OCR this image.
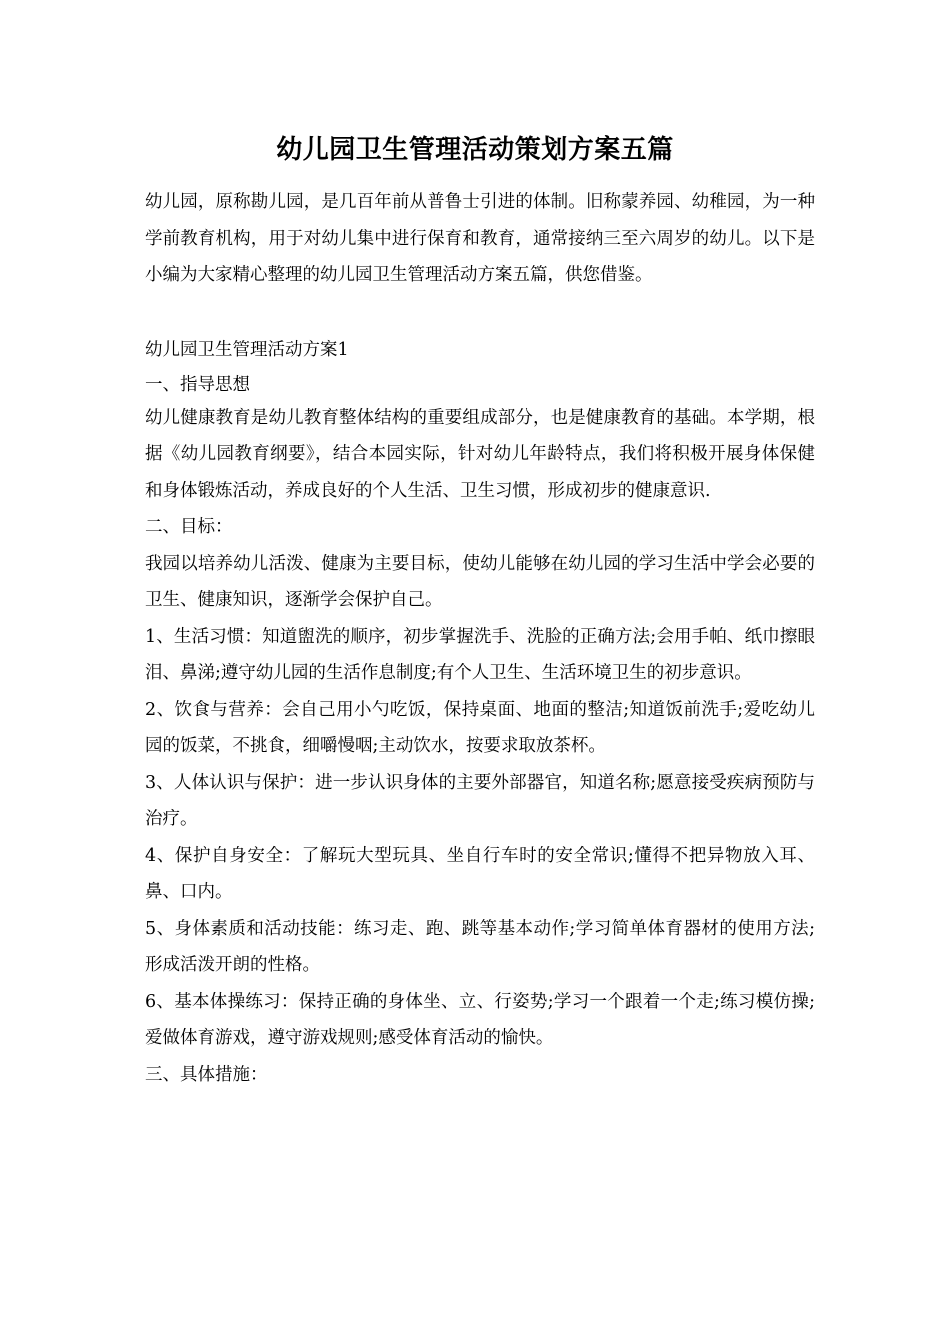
幼儿园卫生管理活动策划方案五篇

幼儿园，原称勘儿园，是几百年前从普鲁士引进的体制。旧称蒙养园、幼稚园，为一种学前教育机构，用于对幼儿集中进行保育和教育，通常接纳三至六周岁的幼儿。以下是小编为大家精心整理的幼儿园卫生管理活动方案五篇，供您借鉴。

幼儿园卫生管理活动方案1

一、指导思想

幼儿健康教育是幼儿教育整体结构的重要组成部分，也是健康教育的基础。本学期，根据《幼儿园教育纲要》，结合本园实际，针对幼儿年龄特点，我们将积极开展身体保健和身体锻炼活动，养成良好的个人生活、卫生习惯，形成初步的健康意识.

二、目标：

我园以培养幼儿活泼、健康为主要目标，使幼儿能够在幼儿园的学习生活中学会必要的卫生、健康知识，逐渐学会保护自己。

1、生活习惯：知道盥洗的顺序，初步掌握洗手、洗脸的正确方法;会用手帕、纸巾擦眼泪、鼻涕;遵守幼儿园的生活作息制度;有个人卫生、生活环境卫生的初步意识。

2、饮食与营养：会自己用小勺吃饭，保持桌面、地面的整洁;知道饭前洗手;爱吃幼儿园的饭菜，不挑食，细嚼慢咽;主动饮水，按要求取放茶杯。

3、人体认识与保护：进一步认识身体的主要外部器官，知道名称;愿意接受疾病预防与治疗。

4、保护自身安全：了解玩大型玩具、坐自行车时的安全常识;懂得不把异物放入耳、鼻、口内。

5、身体素质和活动技能：练习走、跑、跳等基本动作;学习简单体育器材的使用方法;形成活泼开朗的性格。

6、基本体操练习：保持正确的身体坐、立、行姿势;学习一个跟着一个走;练习模仿操;爱做体育游戏，遵守游戏规则;感受体育活动的愉快。

三、具体措施：
